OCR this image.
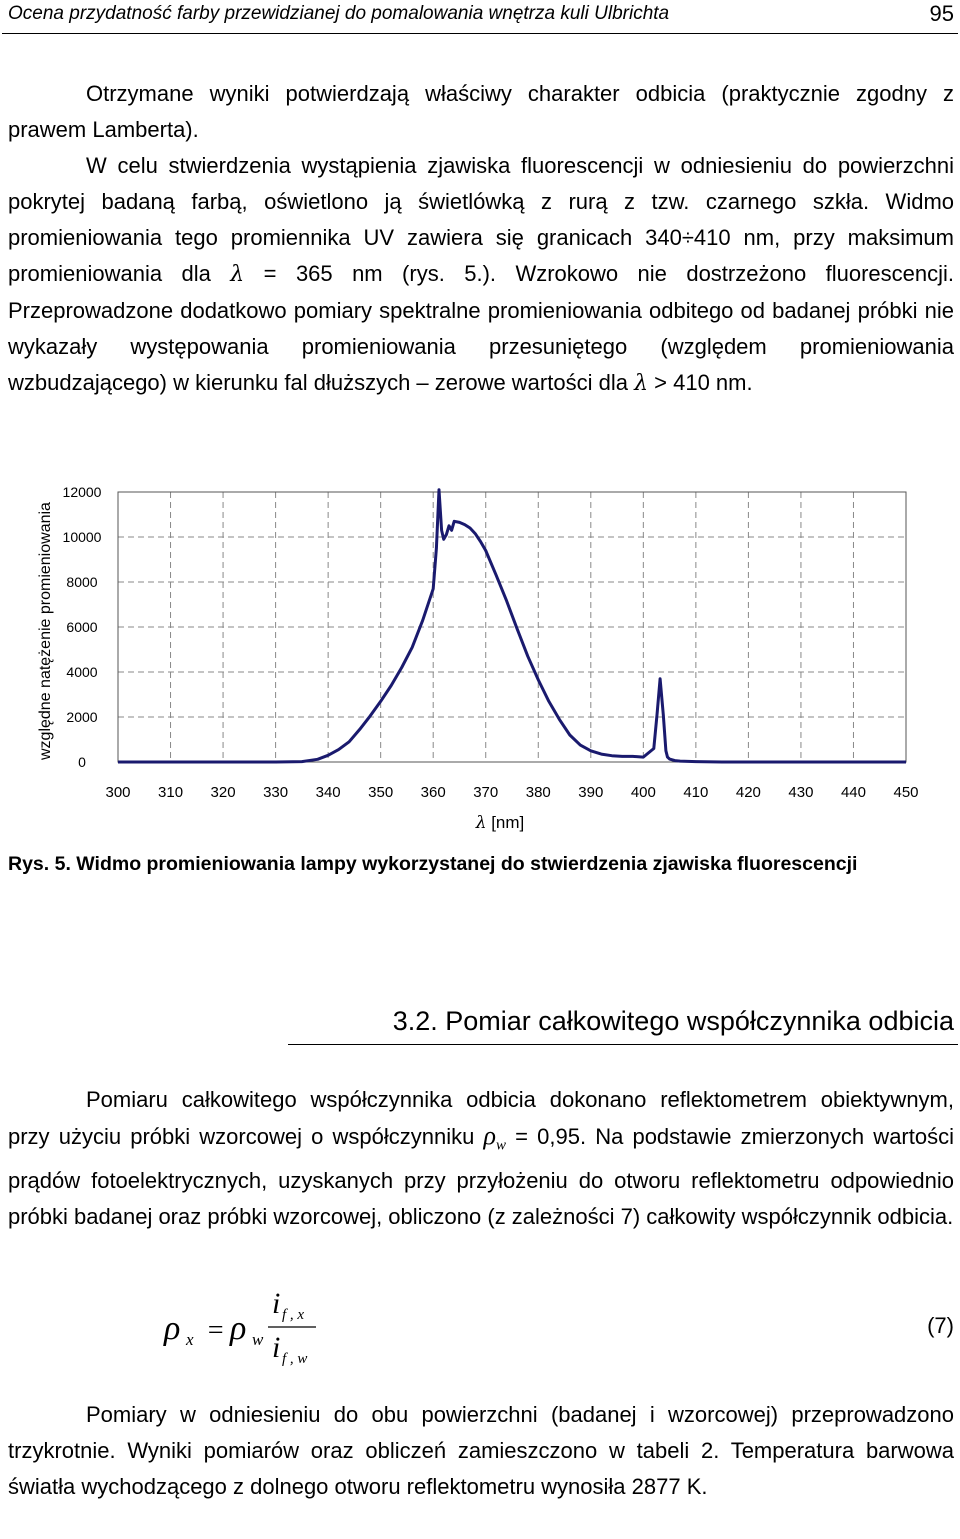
Ocena przydatność farby przewidzianej do pomalowania wnętrza kuli Ulbrichta	95

Otrzymane wyniki potwierdzają właściwy charakter odbicia (praktycznie zgodny z prawem Lamberta).

W celu stwierdzenia wystąpienia zjawiska fluorescencji w odniesieniu do powierzchni pokrytej badaną farbą, oświetlono ją świetlówką z rurą z tzw. czarnego szkła. Widmo promieniowania tego promiennika UV zawiera się granicach 340÷410 nm, przy maksimum promieniowania dla λ = 365 nm (rys. 5.). Wzrokowo nie dostrzeżono fluorescencji. Przeprowadzone dodatkowo pomiary spektralne promieniowania odbitego od badanej próbki nie wykazały występowania promieniowania przesuniętego (względem promieniowania wzbudzającego) w kierunku fal dłuższych – zerowe wartości dla λ > 410 nm.

względne natężenie promieniowania
0
2000
4000
6000
8000
10000
12000
300 310 320 330 340 350 360 370 380 390 400 410 420 430 440 450
λ [nm]
Rys. 5. Widmo promieniowania lampy wykorzystanej do stwierdzenia zjawiska fluorescencji
3.2. Pomiar całkowitego współczynnika odbicia

Pomiaru całkowitego współczynnika odbicia dokonano reflektometrem obiektywnym, przy użyciu próbki wzorcowej o współczynniku $\rho_w = 0,95$. Na podstawie zmierzonych wartości prądów fotoelektrycznych, uzyskanych przy przyłożeniu do otworu reflektometru odpowiednio próbki badanej oraz próbki wzorcowej, obliczono (z zależności 7) całkowity współczynnik odbicia.

ρ x = ρ w
i f , x
i f , w
(7)

Pomiary w odniesieniu do obu powierzchni (badanej i wzorcowej) przeprowadzono trzykrotnie. Wyniki pomiarów oraz obliczeń zamieszczono w tabeli 2. Temperatura barwowa światła wychodzącego z dolnego otworu reflektometru wynosiła 2877 K.
